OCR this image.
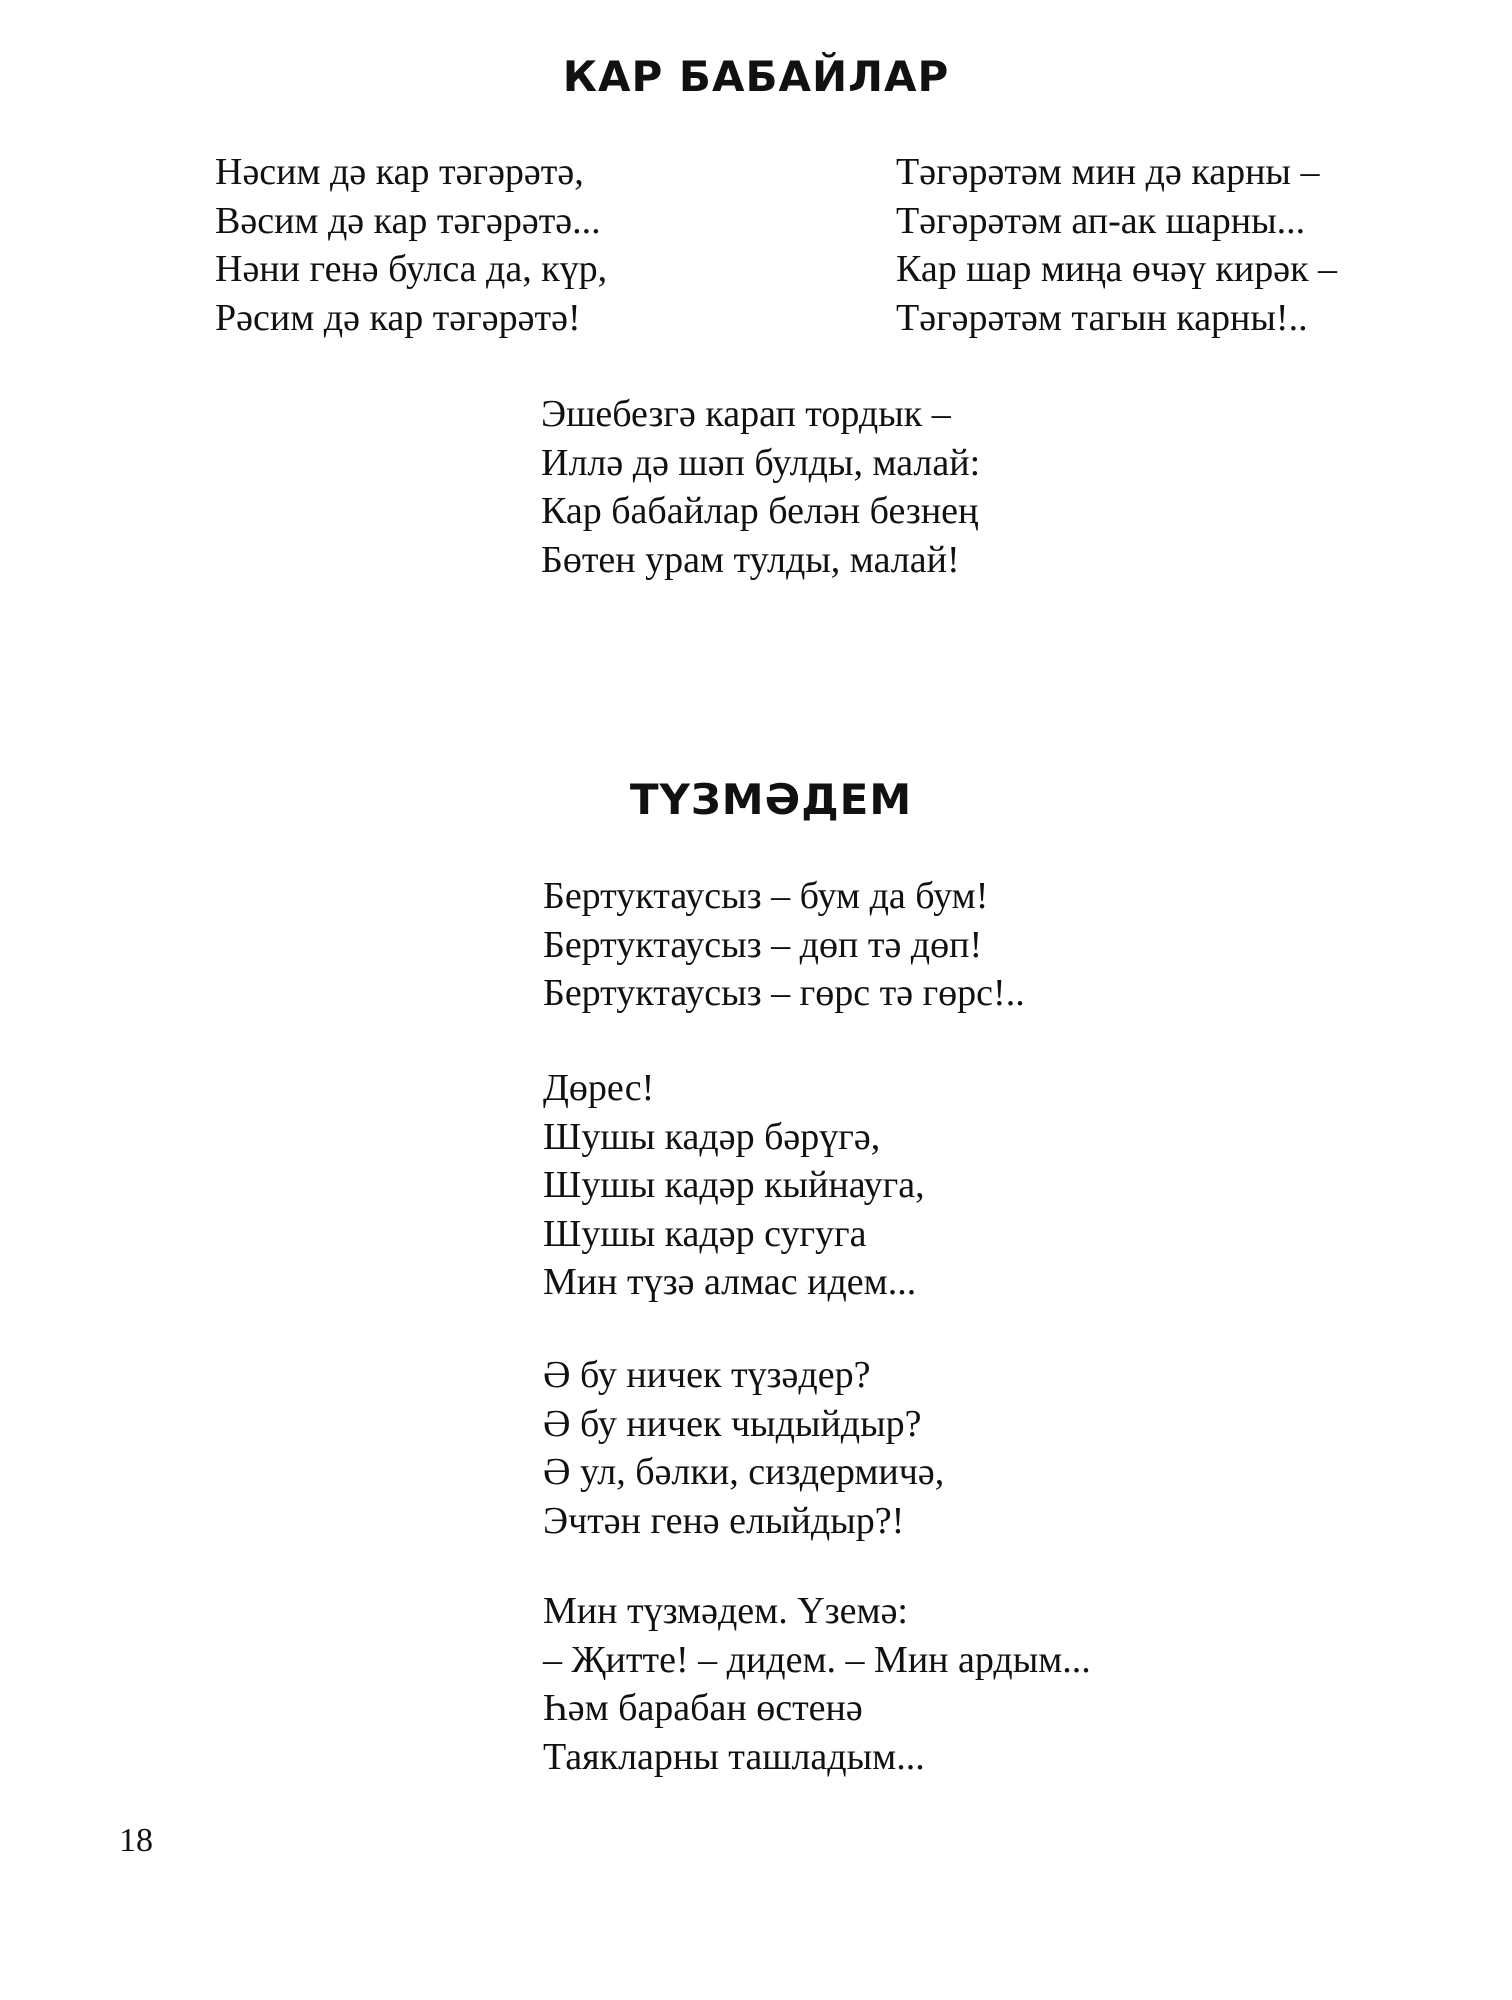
КАР БАБАЙЛАР
Нәсим дә кар тәгәрәтә,
Вәсим дә кар тәгәрәтә...
Нәни генә булса да, күр,
Рәсим дә кар тәгәрәтә!
Тәгәрәтәм мин дә карны –
Тәгәрәтәм ап-ак шарны...
Кар шар миңа өчәү кирәк –
Тәгәрәтәм тагын карны!..
Эшебезгә карап тордык –
Иллә дә шәп булды, малай:
Кар бабайлар белән безнең
Бөтен урам тулды, малай!
ТҮЗМӘДЕМ
Бертуктаусыз – бум да бум!
Бертуктаусыз – дөп тә дөп!
Бертуктаусыз – гөрс тә гөрс!..
Дөрес!
Шушы кадәр бәрүгә,
Шушы кадәр кыйнауга,
Шушы кадәр сугуга
Мин түзә алмас идем...
Ә бу ничек түзәдер?
Ә бу ничек чыдыйдыр?
Ә ул, бәлки, сиздермичә,
Эчтән генә елыйдыр?!
Мин түзмәдем. Үземә:
– Җитте! – дидем. – Мин ардым...
Һәм барабан өстенә
Таякларны ташладым...
18
